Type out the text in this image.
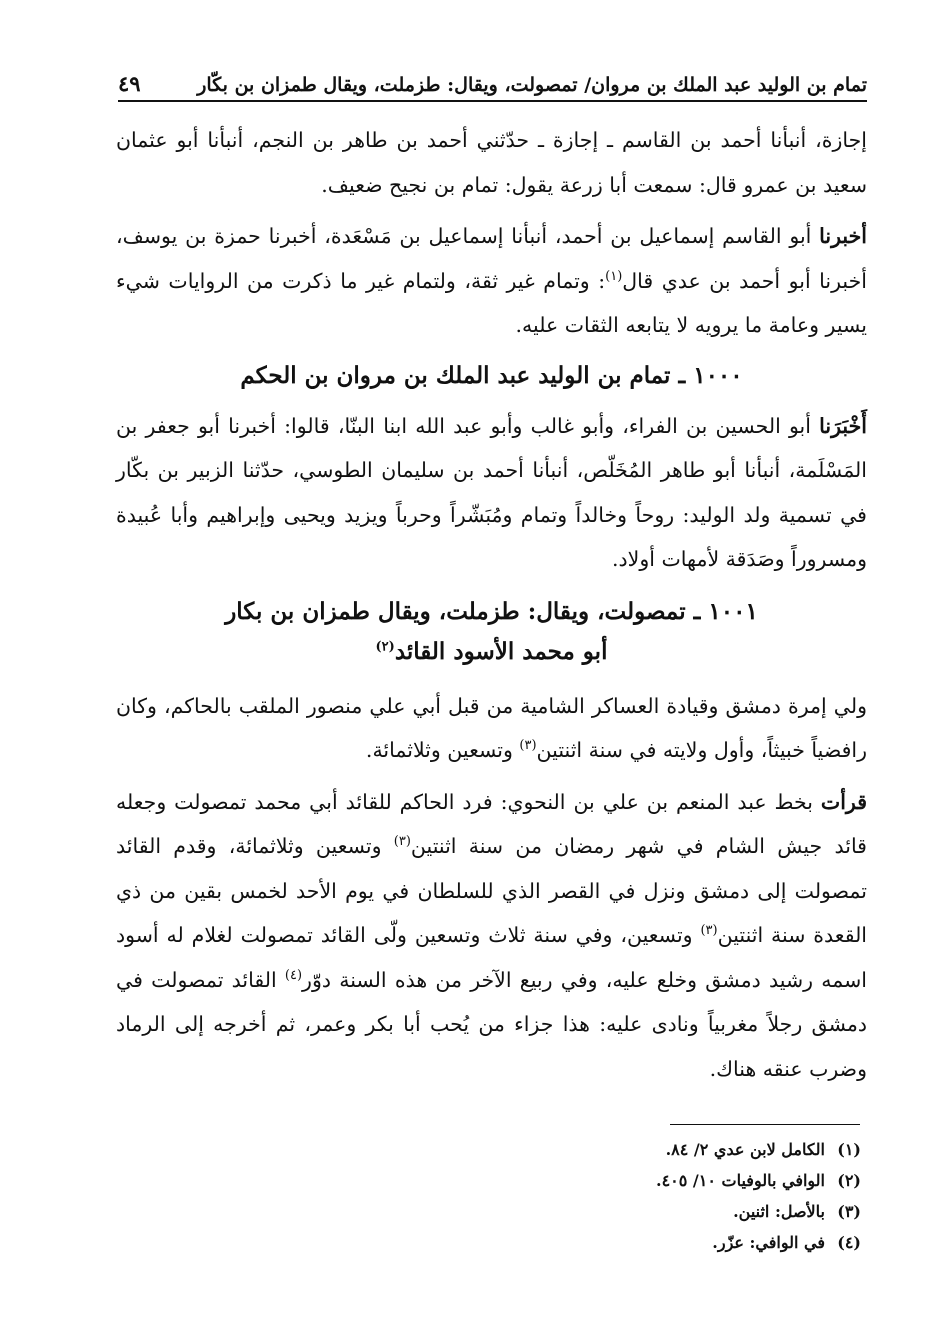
تمام بن الوليد عبد الملك بن مروان/ تمصولت، ويقال: طزملت، ويقال طمزان بن بكّار
٤٩

إجازة، أنبأنا أحمد بن القاسم ـ إجازة ـ حدّثني أحمد بن طاهر بن النجم، أنبأنا أبو عثمان سعيد بن عمرو قال: سمعت أبا زرعة يقول: تمام بن نجيح ضعيف.

أخبرنا أبو القاسم إسماعيل بن أحمد، أنبأنا إسماعيل بن مَسْعَدة، أخبرنا حمزة بن يوسف، أخبرنا أبو أحمد بن عدي قال$^{(١)}$: وتمام غير ثقة، ولتمام غير ما ذكرت من الروايات شيء يسير وعامة ما يرويه لا يتابعه الثقات عليه.

١٠٠٠ ـ تمام بن الوليد عبد الملك بن مروان بن الحكم

أَخْبَرَنا أبو الحسين بن الفراء، وأبو غالب وأبو عبد الله ابنا البنّا، قالوا: أخبرنا أبو جعفر بن المَسْلَمة، أنبأنا أبو طاهر المُخَلّص، أنبأنا أحمد بن سليمان الطوسي، حدّثنا الزبير بن بكّار في تسمية ولد الوليد: روحاً وخالداً وتمام ومُبَشّراً وحرباً ويزيد ويحيى وإبراهيم وأبا عُبيدة ومسروراً وصَدَقة لأمهات أولاد.

١٠٠١ ـ تمصولت، ويقال: طزملت، ويقال طمزان بن بكار
أبو محمد الأسود القائد$^{(٢)}$

ولي إمرة دمشق وقيادة العساكر الشامية من قبل أبي علي منصور الملقب بالحاكم، وكان رافضياً خبيثاً، وأول ولايته في سنة اثنتين$^{(٣)}$ وتسعين وثلاثمائة.

قرأت بخط عبد المنعم بن علي بن النحوي: فرد الحاكم للقائد أبي محمد تمصولت وجعله قائد جيش الشام في شهر رمضان من سنة اثنتين$^{(٣)}$ وتسعين وثلاثمائة، وقدم القائد تمصولت إلى دمشق ونزل في القصر الذي للسلطان في يوم الأحد لخمس بقين من ذي القعدة سنة اثنتين$^{(٣)}$ وتسعين، وفي سنة ثلاث وتسعين ولّى القائد تمصولت لغلام له أسود اسمه رشيد دمشق وخلع عليه، وفي ربيع الآخر من هذه السنة دوّر$^{(٤)}$ القائد تمصولت في دمشق رجلاً مغربياً ونادى عليه: هذا جزاء من يُحب أبا بكر وعمر، ثم أخرجه إلى الرماد وضرب عنقه هناك.

(١)
الكامل لابن عدي ٢/ ٨٤.
(٢)
الوافي بالوفيات ١٠/ ٤٠٥.
(٣)
بالأصل: اثنين.
(٤)
في الوافي: عزّر.
